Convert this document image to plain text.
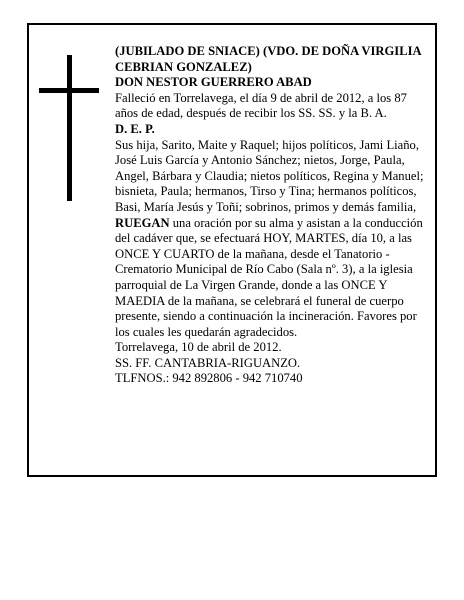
(JUBILADO DE SNIACE) (VDO. DE DOÑA VIRGILIA CEBRIAN GONZALEZ)

DON NESTOR GUERRERO ABAD

Falleció en Torrelavega, el día 9 de abril de 2012, a los 87 años de edad, después de recibir los SS. SS. y la B. A.

D. E. P.

Sus hija, Sarito, Maite y Raquel; hijos políticos, Jami Liaño, José Luis García y Antonio Sánchez; nietos, Jorge, Paula, Angel, Bárbara y Claudia; nietos políticos, Regina y Manuel; bisnieta, Paula; hermanos, Tirso y Tina; hermanos políticos, Basi, María Jesús y Toñi; sobrinos, primos y demás familia,

RUEGAN una oración por su alma y asistan a la conducción del cadáver que, se efectuará HOY, MARTES, día 10, a las ONCE Y CUARTO de la mañana, desde el Tanatorio -Crematorio Municipal de Río Cabo (Sala nº. 3), a la iglesia parroquial de La Virgen Grande, donde a las ONCE Y MAEDIA de la mañana, se celebrará el funeral de cuerpo presente, siendo a continuación la incineración. Favores por los cuales les quedarán agradecidos.

Torrelavega, 10 de abril de 2012.

SS. FF. CANTABRIA-RIGUANZO.

TLFNOS.: 942 892806 - 942 710740
